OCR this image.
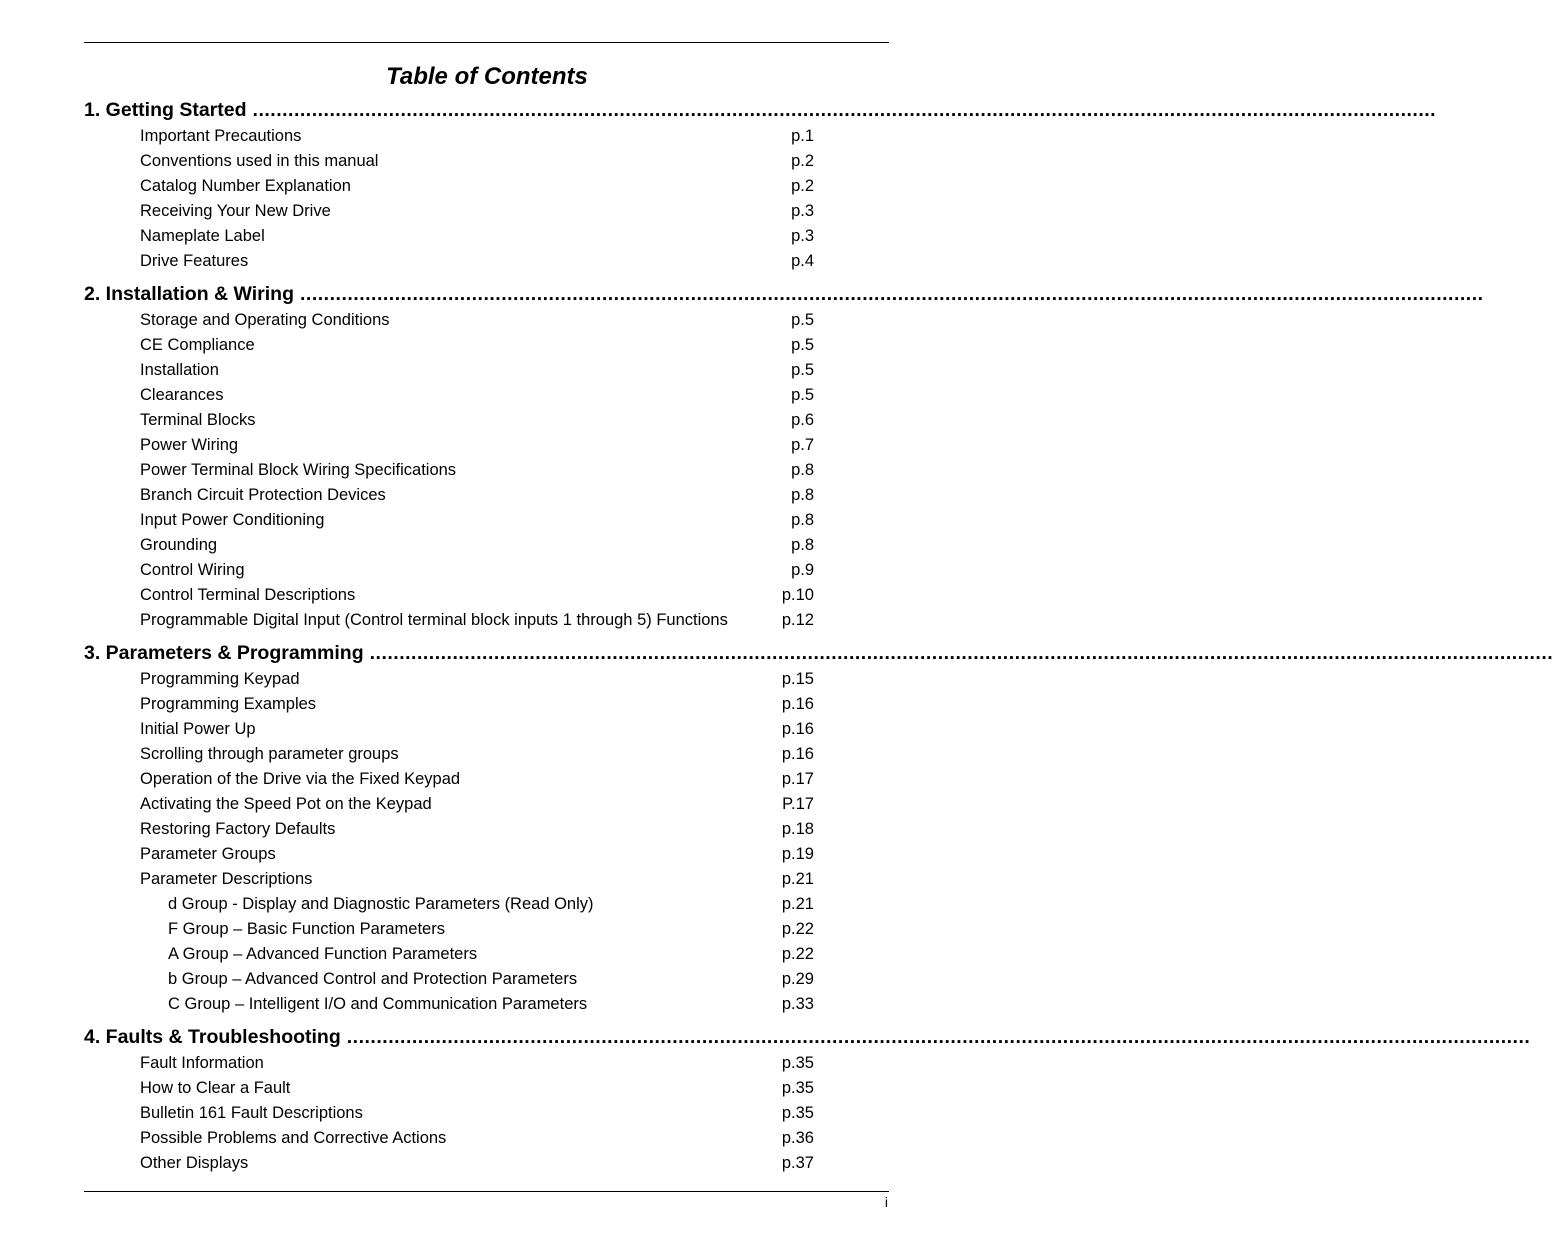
Table of Contents
1. Getting Started ........................................................................................................................................................................................................
Important Precautions	p.1
Conventions used in this manual	p.2
Catalog Number Explanation	p.2
Receiving Your New Drive	p.3
Nameplate Label	p.3
Drive Features	p.4
2. Installation & Wiring ........................................................................................................................................................................................................
Storage and Operating Conditions	p.5
CE Compliance	p.5
Installation	p.5
Clearances	p.5
Terminal Blocks	p.6
Power Wiring	p.7
Power Terminal Block Wiring Specifications	p.8
Branch Circuit Protection Devices	p.8
Input Power Conditioning	p.8
Grounding	p.8
Control Wiring	p.9
Control Terminal Descriptions	p.10
Programmable Digital Input (Control terminal block inputs 1 through 5) Functions	p.12
3. Parameters & Programming ........................................................................................................................................................................................................
Programming Keypad	p.15
Programming Examples	p.16
Initial Power Up	p.16
Scrolling through parameter groups	p.16
Operation of the Drive via the Fixed Keypad	p.17
Activating the Speed Pot on the Keypad	P.17
Restoring Factory Defaults	p.18
Parameter Groups	p.19
Parameter Descriptions	p.21
d Group - Display and Diagnostic Parameters (Read Only)	p.21
F Group – Basic Function Parameters	p.22
A Group – Advanced Function Parameters	p.22
b Group – Advanced Control and Protection Parameters	p.29
C Group – Intelligent I/O and Communication Parameters	p.33
4. Faults & Troubleshooting ........................................................................................................................................................................................................
Fault Information	p.35
How to Clear a Fault	p.35
Bulletin 161 Fault Descriptions	p.35
Possible Problems and Corrective Actions	p.36
Other Displays	p.37
i
